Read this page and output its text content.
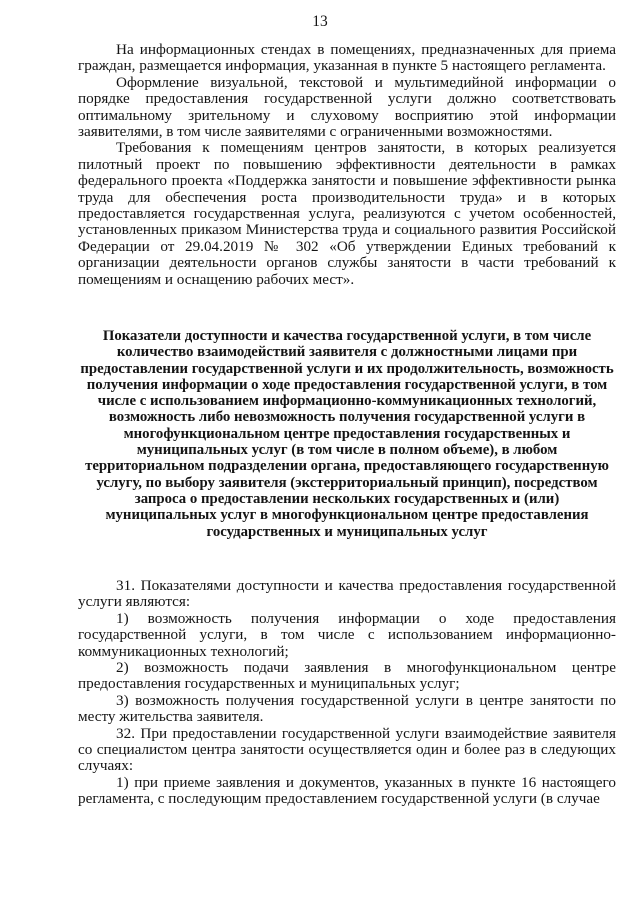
13

На информационных стендах в помещениях, предназначенных для приема граждан, размещается информация, указанная в пункте 5 настоящего регламента.

Оформление визуальной, текстовой и мультимедийной информации о порядке предоставления государственной услуги должно соответствовать оптимальному зрительному и слуховому восприятию этой информации заявителями, в том числе заявителями с ограниченными возможностями.

Требования к помещениям центров занятости, в которых реализуется пилотный проект по повышению эффективности деятельности в рамках федерального проекта «Поддержка занятости и повышение эффективности рынка труда для обеспечения роста производительности труда» и в которых предоставляется государственная услуга, реализуются с учетом особенностей, установленных приказом Министерства труда и социального развития Российской Федерации от 29.04.2019 № 302 «Об утверждении Единых требований к организации деятельности органов службы занятости в части требований к помещениям и оснащению рабочих мест».

Показатели доступности и качества государственной услуги, в том числе количество взаимодействий заявителя с должностными лицами при предоставлении государственной услуги и их продолжительность, возможность получения информации о ходе предоставления государственной услуги, в том числе с использованием информационно-коммуникационных технологий, возможность либо невозможность получения государственной услуги в многофункциональном центре предоставления государственных и муниципальных услуг (в том числе в полном объеме), в любом территориальном подразделении органа, предоставляющего государственную услугу, по выбору заявителя (экстерриториальный принцип), посредством запроса о предоставлении нескольких государственных и (или) муниципальных услуг в многофункциональном центре предоставления государственных и муниципальных услуг

31. Показателями доступности и качества предоставления государственной услуги являются:

1) возможность получения информации о ходе предоставления государственной услуги, в том числе с использованием информационно-коммуникационных технологий;

2) возможность подачи заявления в многофункциональном центре предоставления государственных и муниципальных услуг;

3) возможность получения государственной услуги в центре занятости по месту жительства заявителя.

32. При предоставлении государственной услуги взаимодействие заявителя со специалистом центра занятости осуществляется один и более раз в следующих случаях:

1) при приеме заявления и документов, указанных в пункте 16 настоящего регламента, с последующим предоставлением государственной услуги (в случае
